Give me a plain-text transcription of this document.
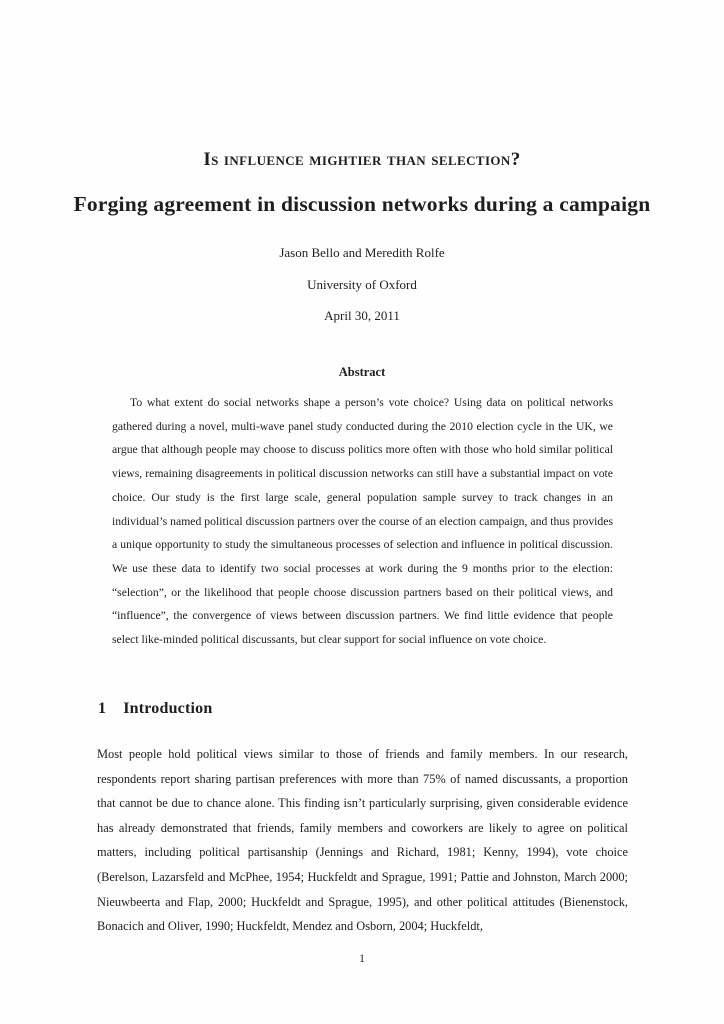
Is influence mightier than selection?
Forging agreement in discussion networks during a campaign
Jason Bello and Meredith Rolfe
University of Oxford
April 30, 2011
Abstract

To what extent do social networks shape a person’s vote choice? Using data on political networks gathered during a novel, multi-wave panel study conducted during the 2010 election cycle in the UK, we argue that although people may choose to discuss politics more often with those who hold similar political views, remaining disagreements in political discussion networks can still have a substantial impact on vote choice. Our study is the first large scale, general population sample survey to track changes in an individual’s named political discussion partners over the course of an election campaign, and thus provides a unique opportunity to study the simultaneous processes of selection and influence in political discussion. We use these data to identify two social processes at work during the 9 months prior to the election: “selection”, or the likelihood that people choose discussion partners based on their political views, and “influence”, the convergence of views between discussion partners. We find little evidence that people select like-minded political discussants, but clear support for social influence on vote choice.

1 Introduction

Most people hold political views similar to those of friends and family members. In our research, respondents report sharing partisan preferences with more than 75% of named discussants, a proportion that cannot be due to chance alone. This finding isn’t particularly surprising, given considerable evidence has already demonstrated that friends, family members and coworkers are likely to agree on political matters, including political partisanship (Jennings and Richard, 1981; Kenny, 1994), vote choice (Berelson, Lazarsfeld and McPhee, 1954; Huckfeldt and Sprague, 1991; Pattie and Johnston, March 2000; Nieuwbeerta and Flap, 2000; Huckfeldt and Sprague, 1995), and other political attitudes (Bienenstock, Bonacich and Oliver, 1990; Huckfeldt, Mendez and Osborn, 2004; Huckfeldt,

1
